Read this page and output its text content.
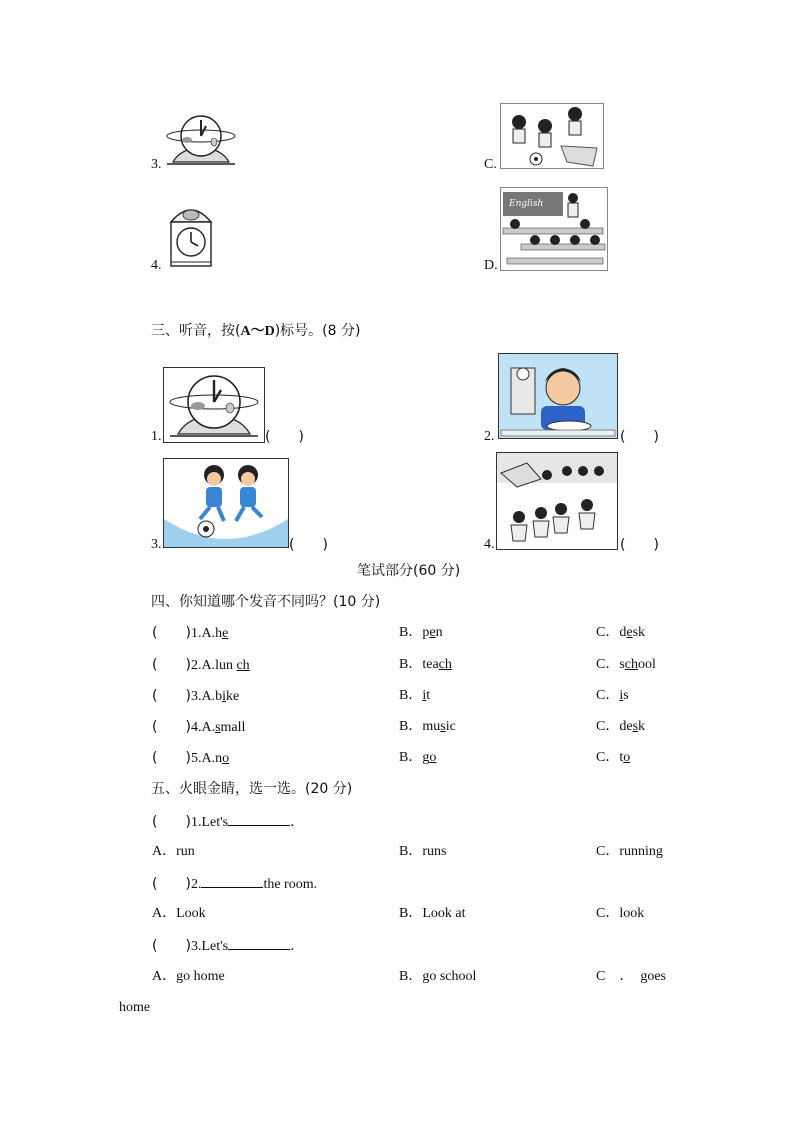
3.	C.
4.	D.
English
三、听音，按(A～D)标号。(8 分)
1.	(　　)	2.	(　　)
3.	(　　)	4.	(　　)
笔试部分(60 分)
四、你知道哪个发音不同吗？(10 分)
(　　)1.A.he	B．pen	C．desk
(　　)2.A.lun ch	B．teach	C．school
(　　)3.A.bike	B．it	C．is
(　　)4.A.small	B．music	C．desk
(　　)5.A.no	B．go	C．to
五、火眼金睛，选一选。(20 分)
(　　)1.Let's	．
A．run	B．runs	C．running
(　　)2.	the room.
A．Look	B．Look at	C．look
(　　)3.Let's	．
A．go home	B．go school	C　．　goes
home
